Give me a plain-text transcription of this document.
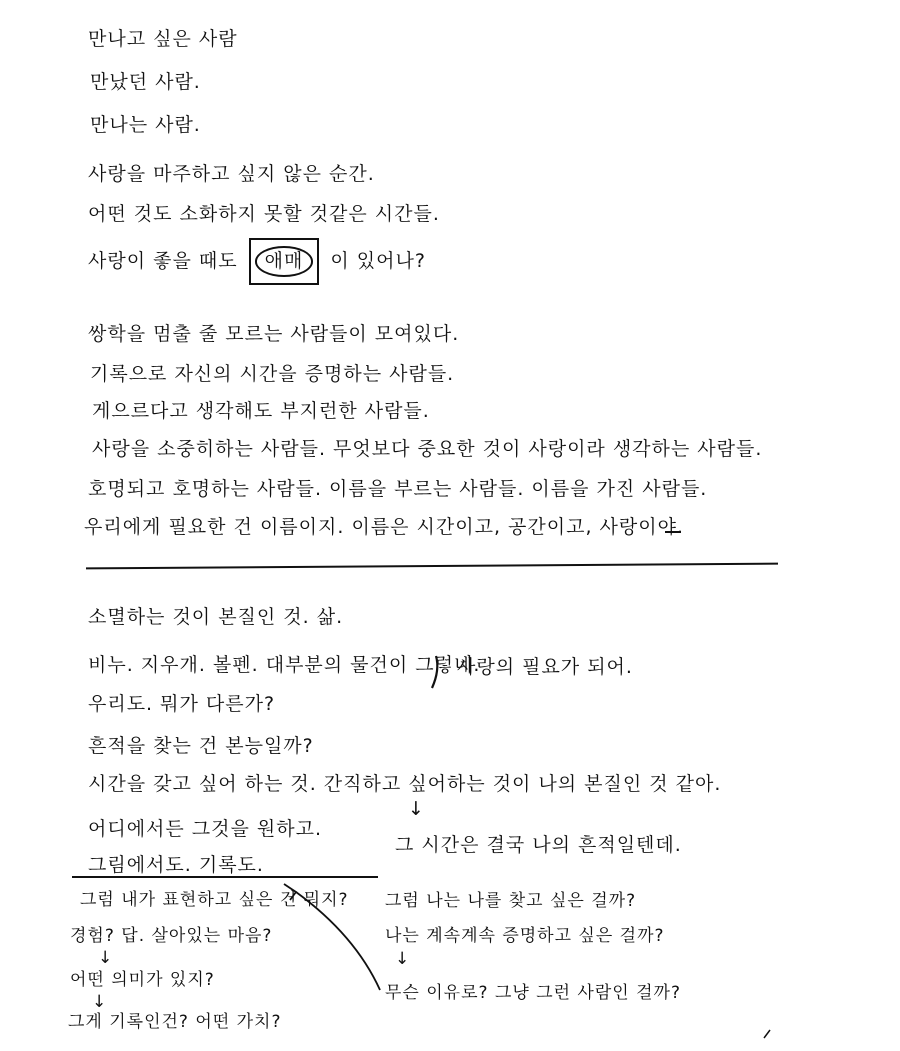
만나고 싶은 사람
만났던 사람.
만나는 사람.
사랑을 마주하고 싶지 않은 순간.
어떤 것도 소화하지 못할 것같은 시간들.
사랑이 좋을 때도 애매 이 있어나?
쌍학을 멈출 줄 모르는 사람들이 모여있다.
기록으로 자신의 시간을 증명하는 사람들.
게으르다고 생각해도 부지런한 사람들.
사랑을 소중히하는 사람들. 무엇보다 중요한 것이 사랑이라 생각하는 사람들.
호명되고 호명하는 사람들. 이름을 부르는 사람들. 이름을 가진 사람들.
우리에게 필요한 건 이름이지. 이름은 시간이고, 공간이고, 사랑이야.
소멸하는 것이 본질인 것. 삶.
비누. 지우개. 볼펜. 대부분의 물건이 그렇네.
사랑의 필요가 되어.
우리도. 뭐가 다른가?
흔적을 찾는 건 본능일까?
시간을 갖고 싶어 하는 것. 간직하고 싶어하는 것이 나의 본질인 것 같아.
↓
어디에서든 그것을 원하고.
그 시간은 결국 나의 흔적일텐데.
그림에서도. 기록도.
그럼 내가 표현하고 싶은 건 뭐지?
경험? 답. 살아있는 마음?
↓
어떤 의미가 있지?
↓
그게 기록인건? 어떤 가치?
그럼 나는 나를 찾고 싶은 걸까?
나는 계속계속 증명하고 싶은 걸까?
↓
무슨 이유로? 그냥 그런 사람인 걸까?
